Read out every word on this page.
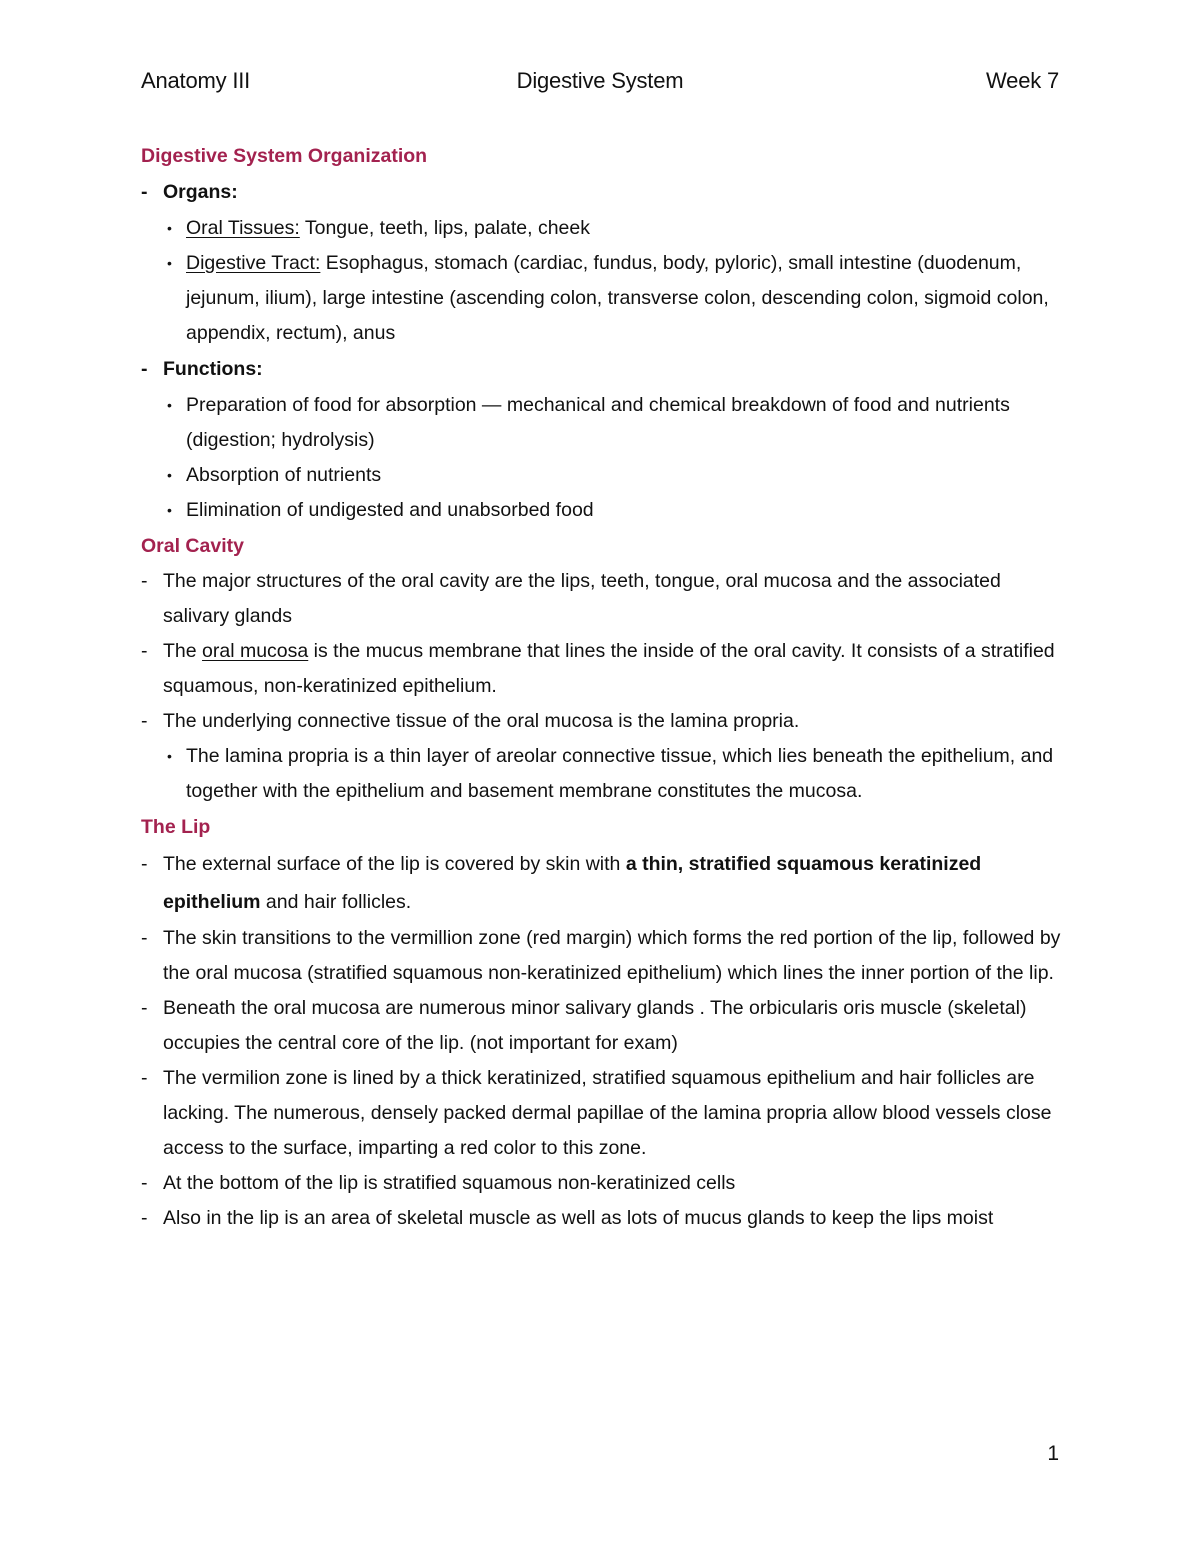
Anatomy III	Digestive System	Week 7
Digestive System Organization
- Organs:
• Oral Tissues: Tongue, teeth, lips, palate, cheek
• Digestive Tract: Esophagus, stomach (cardiac, fundus, body, pyloric), small intestine (duodenum, jejunum, ilium), large intestine (ascending colon, transverse colon, descending colon, sigmoid colon, appendix, rectum), anus
- Functions:
• Preparation of food for absorption — mechanical and chemical breakdown of food and nutrients (digestion; hydrolysis)
• Absorption of nutrients
• Elimination of undigested and unabsorbed food
Oral Cavity
- The major structures of the oral cavity are the lips, teeth, tongue, oral mucosa and the associated salivary glands
- The oral mucosa is the mucus membrane that lines the inside of the oral cavity. It consists of a stratified squamous, non-keratinized epithelium.
- The underlying connective tissue of the oral mucosa is the lamina propria.
• The lamina propria is a thin layer of areolar connective tissue, which lies beneath the epithelium, and together with the epithelium and basement membrane constitutes the mucosa.
The Lip
- The external surface of the lip is covered by skin with a thin, stratified squamous keratinized epithelium and hair follicles.
- The skin transitions to the vermillion zone (red margin) which forms the red portion of the lip, followed by the oral mucosa (stratified squamous non-keratinized epithelium) which lines the inner portion of the lip.
- Beneath the oral mucosa are numerous minor salivary glands . The orbicularis oris muscle (skeletal) occupies the central core of the lip. (not important for exam)
- The vermilion zone is lined by a thick keratinized, stratified squamous epithelium and hair follicles are lacking. The numerous, densely packed dermal papillae of the lamina propria allow blood vessels close access to the surface, imparting a red color to this zone.
- At the bottom of the lip is stratified squamous non-keratinized cells
- Also in the lip is an area of skeletal muscle as well as lots of mucus glands to keep the lips moist
1
